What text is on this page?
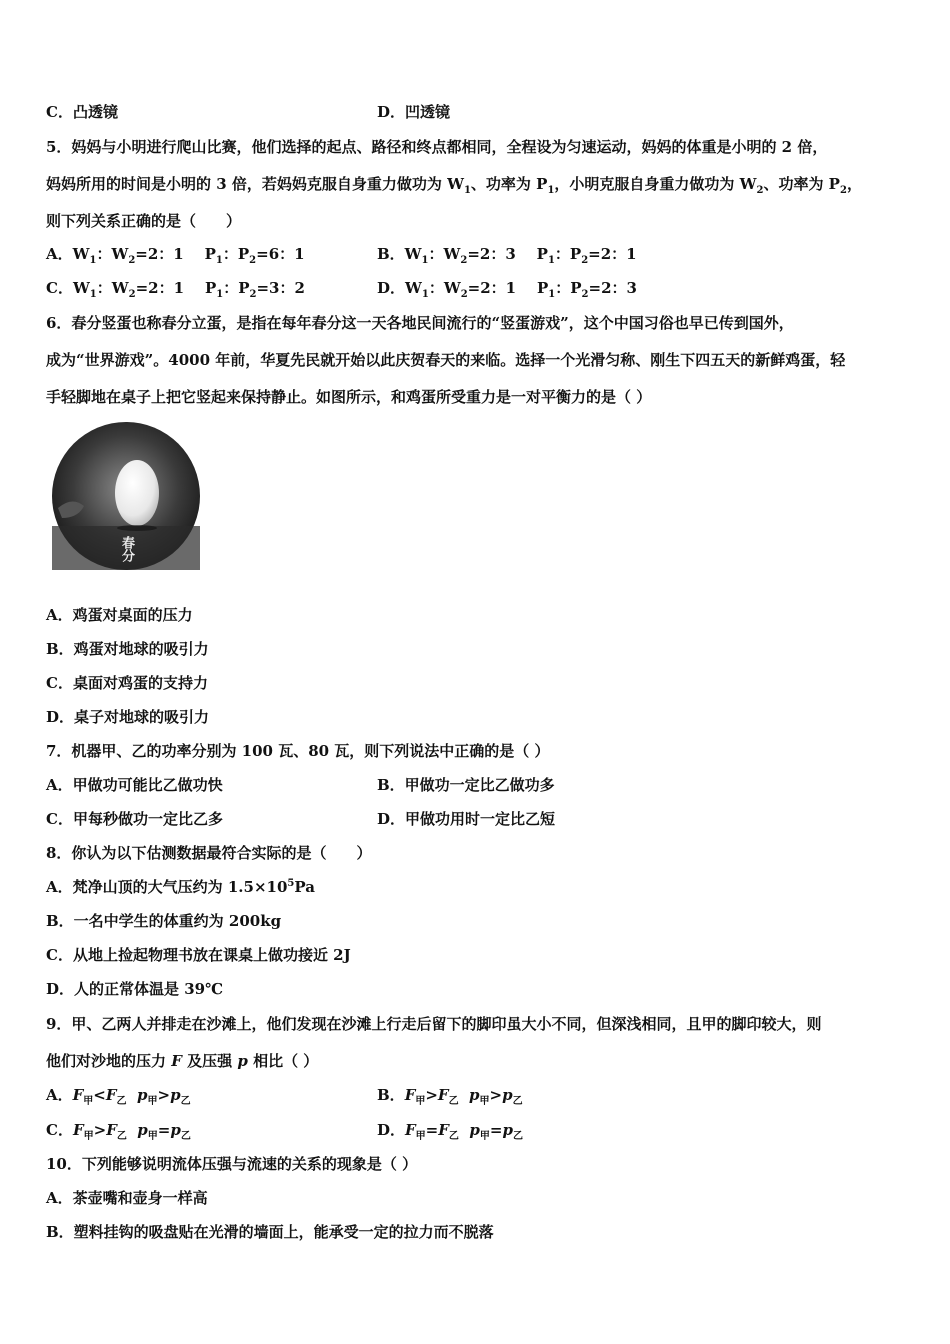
C．凸透镜	D．凹透镜
5．妈妈与小明进行爬山比赛，他们选择的起点、路径和终点都相同，全程设为匀速运动，妈妈的体重是小明的 2 倍，
妈妈所用的时间是小明的 3 倍，若妈妈克服自身重力做功为 $W_1$、功率为 $P_1$，小明克服自身重力做功为 $W_2$、功率为 $P_2$，
则下列关系正确的是（　　）
A．$W_1$：$W_2=2$：1 $P_1$：$P_2=6$：1	B．$W_1$：$W_2=2$：3 $P_1$：$P_2=2$：1
C．$W_1$：$W_2=2$：1 $P_1$：$P_2=3$：2	D．$W_1$：$W_2=2$：1 $P_1$：$P_2=2$：3
6．春分竖蛋也称春分立蛋，是指在每年春分这一天各地民间流行的“竖蛋游戏”，这个中国习俗也早已传到国外，
成为“世界游戏”。4000 年前，华夏先民就开始以此庆贺春天的来临。选择一个光滑匀称、刚生下四五天的新鲜鸡蛋，轻
手轻脚地在桌子上把它竖起来保持静止。如图所示，和鸡蛋所受重力是一对平衡力的是（ ）
春分
A．鸡蛋对桌面的压力
B．鸡蛋对地球的吸引力
C．桌面对鸡蛋的支持力
D．桌子对地球的吸引力
7．机器甲、乙的功率分别为 100 瓦、80 瓦，则下列说法中正确的是（ ）
A．甲做功可能比乙做功快	B．甲做功一定比乙做功多
C．甲每秒做功一定比乙多	D．甲做功用时一定比乙短
8．你认为以下估测数据最符合实际的是（　　）
A．梵净山顶的大气压约为 $1.5\times 10^5Pa$
B．一名中学生的体重约为 200kg
C．从地上捡起物理书放在课桌上做功接近 2J
D．人的正常体温是 39℃
9．甲、乙两人并排走在沙滩上，他们发现在沙滩上行走后留下的脚印虽大小不同，但深浅相同，且甲的脚印较大，则
他们对沙地的压力 F 及压强 p 相比（ ）
A．$F_甲<F_乙$ $p_甲>p_乙$	B．$F_甲>F_乙$ $p_甲>p_乙$
C．$F_甲>F_乙$ $p_甲=p_乙$	D．$F_甲=F_乙$ $p_甲=p_乙$
10．下列能够说明流体压强与流速的关系的现象是（ ）
A．茶壶嘴和壶身一样高
B．塑料挂钩的吸盘贴在光滑的墙面上，能承受一定的拉力而不脱落
